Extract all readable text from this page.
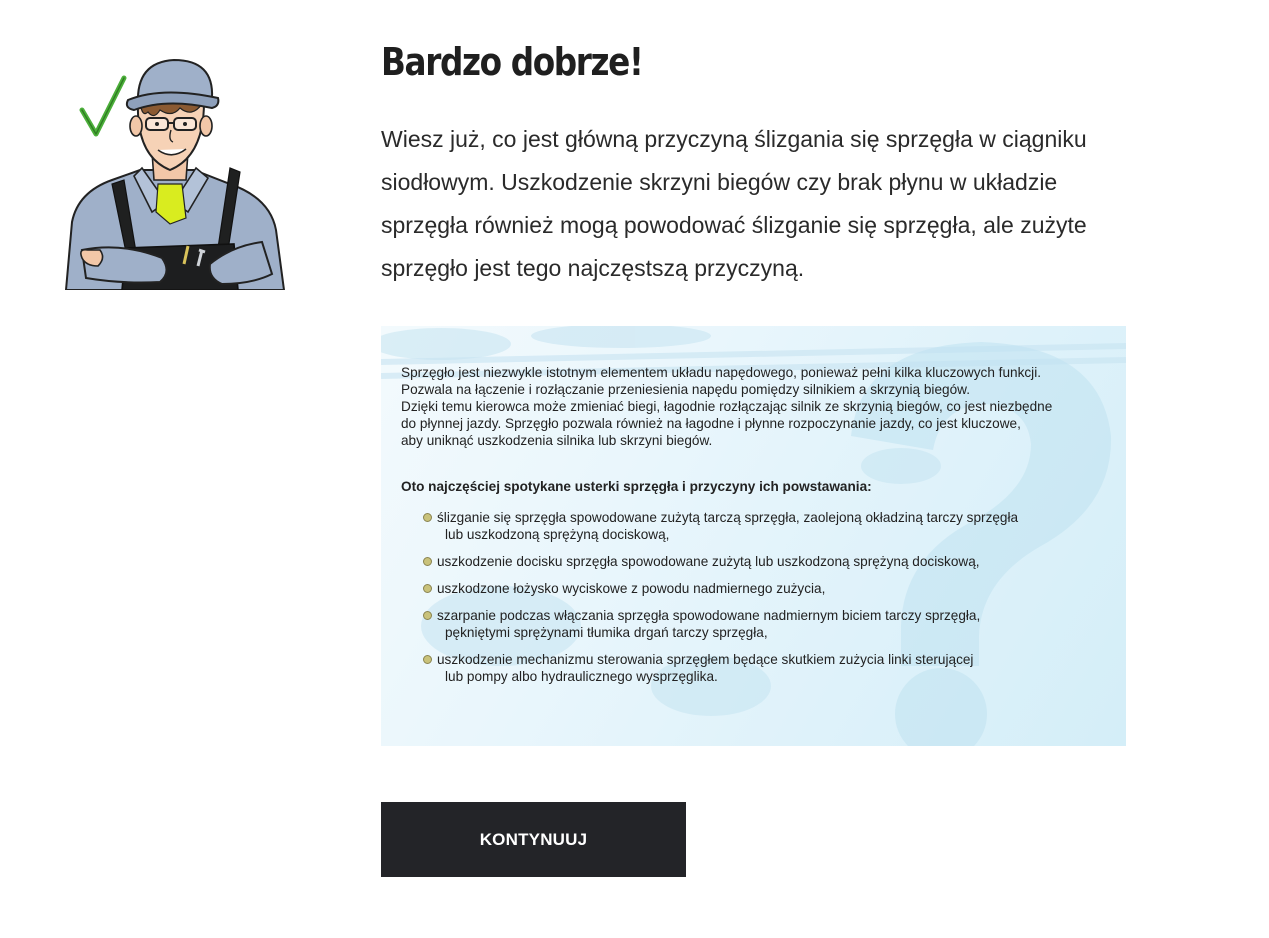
Bardzo dobrze!

Wiesz już, co jest główną przyczyną ślizgania się sprzęgła w ciągniku siodłowym. Uszkodzenie skrzyni biegów czy brak płynu w układzie sprzęgła również mogą powodować ślizganie się sprzęgła, ale zużyte sprzęgło jest tego najczęstszą przyczyną.

Sprzęgło jest niezwykle istotnym elementem układu napędowego, ponieważ pełni kilka kluczowych funkcji.
Pozwala na łączenie i rozłączanie przeniesienia napędu pomiędzy silnikiem a skrzynią biegów.
Dzięki temu kierowca może zmieniać biegi, łagodnie rozłączając silnik ze skrzynią biegów, co jest niezbędne
do płynnej jazdy. Sprzęgło pozwala również na łagodne i płynne rozpoczynanie jazdy, co jest kluczowe,
aby uniknąć uszkodzenia silnika lub skrzyni biegów.
Oto najczęściej spotykane usterki sprzęgła i przyczyny ich powstawania:
ślizganie się sprzęgła spowodowane zużytą tarczą sprzęgła, zaolejoną okładziną tarczy sprzęgła
lub uszkodzoną sprężyną dociskową,
uszkodzenie docisku sprzęgła spowodowane zużytą lub uszkodzoną sprężyną dociskową,
uszkodzone łożysko wyciskowe z powodu nadmiernego zużycia,
szarpanie podczas włączania sprzęgła spowodowane nadmiernym biciem tarczy sprzęgła,
pękniętymi sprężynami tłumika drgań tarczy sprzęgła,
uszkodzenie mechanizmu sterowania sprzęgłem będące skutkiem zużycia linki sterującej
lub pompy albo hydraulicznego wysprzęglika.
KONTYNUUJ
